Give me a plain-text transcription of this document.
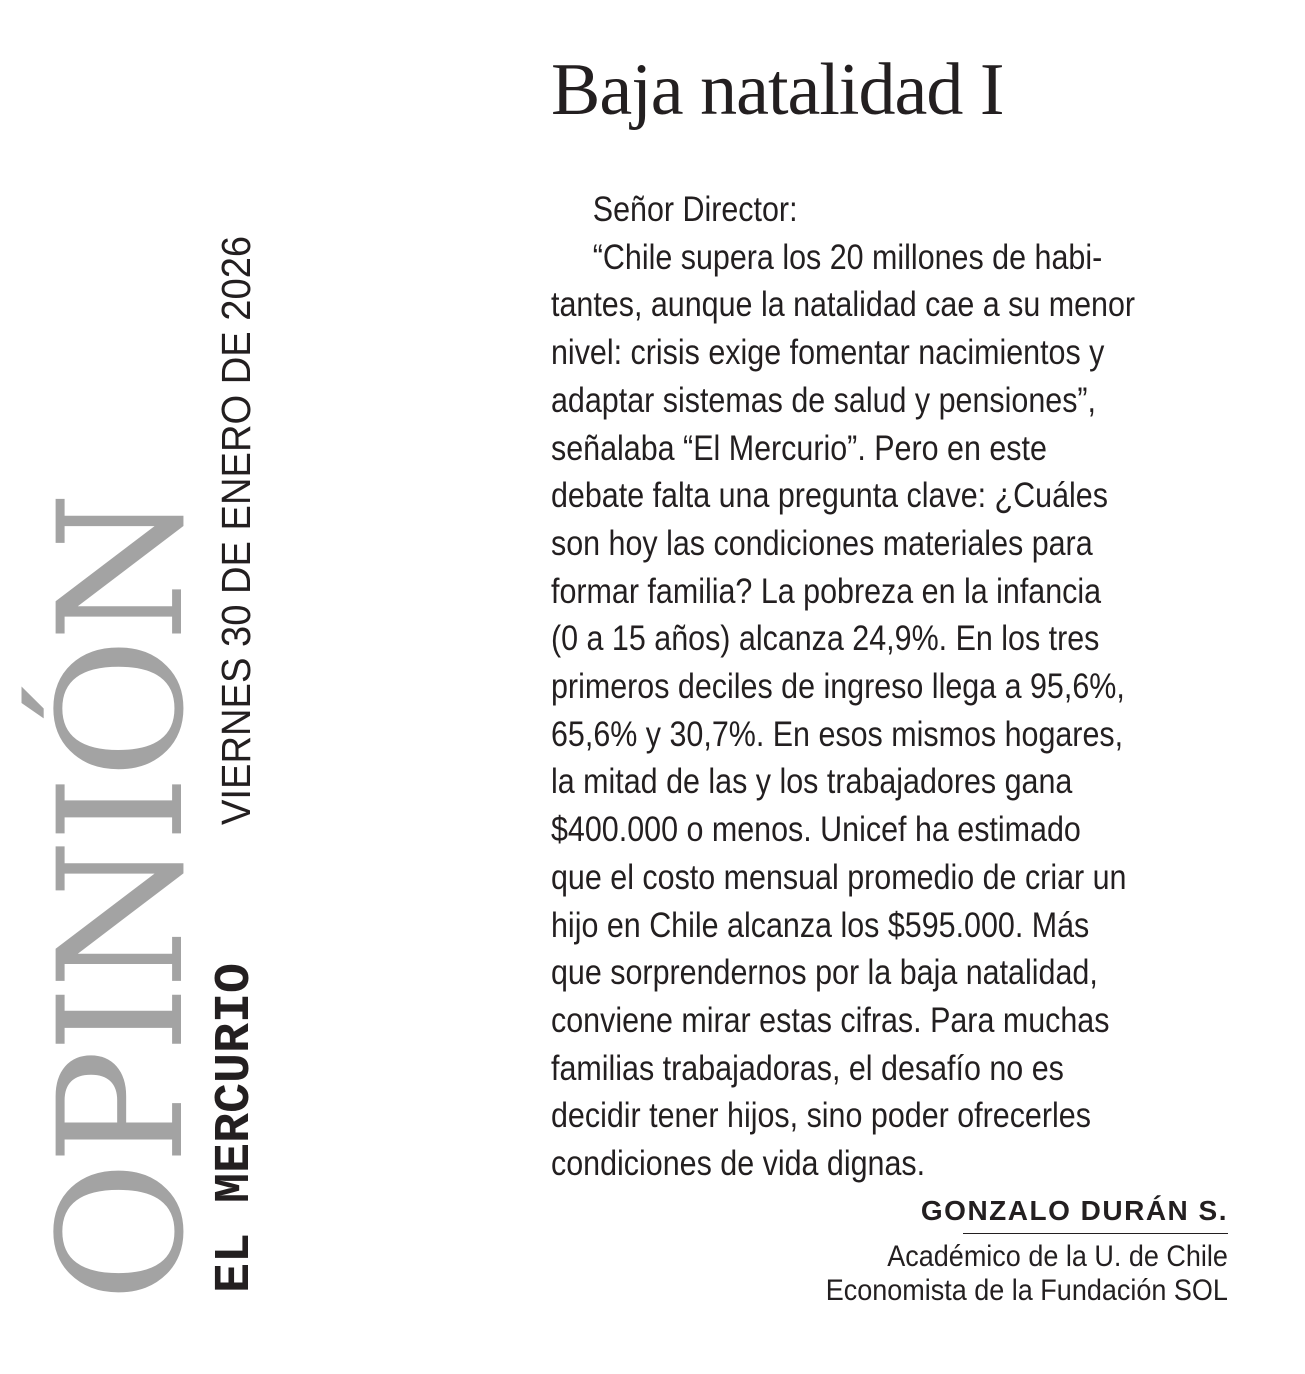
OPINIÓN
EL MERCURIO
VIERNES 30 DE ENERO DE 2026
Baja natalidad I
Señor Director:
“Chile supera los 20 millones de habi-
tantes, aunque la natalidad cae a su menor
nivel: crisis exige fomentar nacimientos y
adaptar sistemas de salud y pensiones”,
señalaba “El Mercurio”. Pero en este
debate falta una pregunta clave: ¿Cuáles
son hoy las condiciones materiales para
formar familia? La pobreza en la infancia
(0 a 15 años) alcanza 24,9%. En los tres
primeros deciles de ingreso llega a 95,6%,
65,6% y 30,7%. En esos mismos hogares,
la mitad de las y los trabajadores gana
$400.000 o menos. Unicef ha estimado
que el costo mensual promedio de criar un
hijo en Chile alcanza los $595.000. Más
que sorprendernos por la baja natalidad,
conviene mirar estas cifras. Para muchas
familias trabajadoras, el desafío no es
decidir tener hijos, sino poder ofrecerles
condiciones de vida dignas.
GONZALO DURÁN S.
Académico de la U. de Chile
Economista de la Fundación SOL
